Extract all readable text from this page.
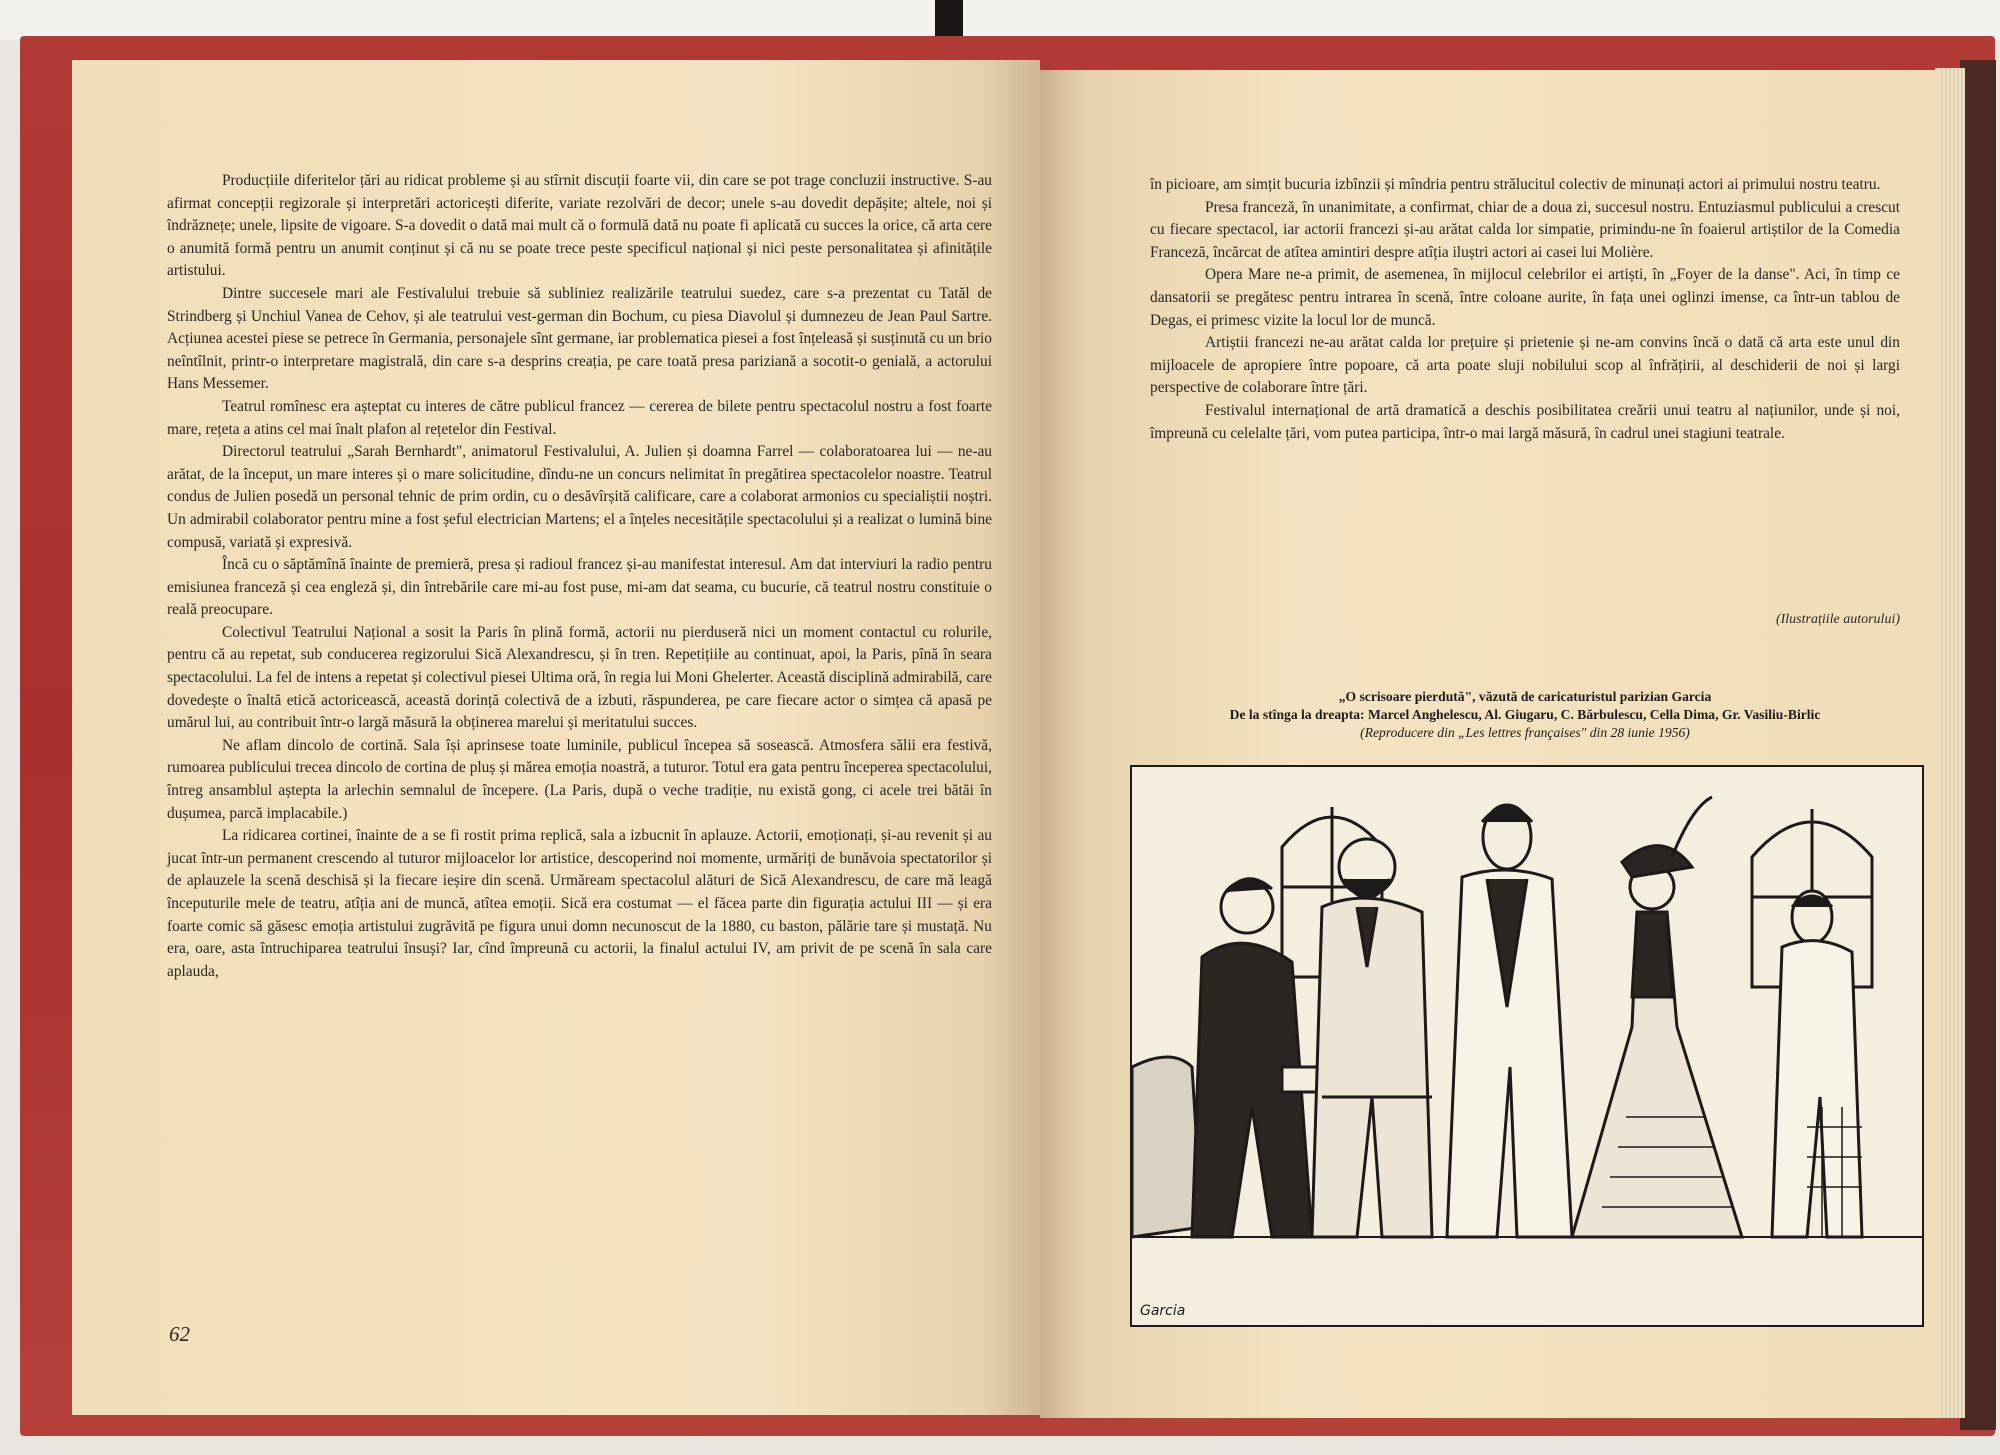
Producțiile diferitelor țări au ridicat probleme și au stîrnit discuții foarte vii, din care se pot trage concluzii instructive. S-au afirmat concepții regizorale și interpretări actoricești diferite, variate rezolvări de decor; unele s-au dovedit depășite; altele, noi și îndrăznețe; unele, lipsite de vigoare. S-a dovedit o dată mai mult că o formulă dată nu poate fi aplicată cu succes la orice, că arta cere o anumită formă pentru un anumit conținut și că nu se poate trece peste specificul național și nici peste personalitatea și afinitățile artistului.

Dintre succesele mari ale Festivalului trebuie să subliniez realizările teatrului suedez, care s-a prezentat cu Tatăl de Strindberg și Unchiul Vanea de Cehov, și ale teatrului vest-german din Bochum, cu piesa Diavolul și dumnezeu de Jean Paul Sartre. Acțiunea acestei piese se petrece în Germania, personajele sînt germane, iar problematica piesei a fost înțeleasă și susținută cu un brio neîntîlnit, printr-o interpretare magistrală, din care s-a desprins creația, pe care toată presa pariziană a socotit-o genială, a actorului Hans Messemer.

Teatrul romînesc era așteptat cu interes de către publicul francez — cererea de bilete pentru spectacolul nostru a fost foarte mare, rețeta a atins cel mai înalt plafon al rețetelor din Festival.

Directorul teatrului „Sarah Bernhardt", animatorul Festivalului, A. Julien și doamna Farrel — colaboratoarea lui — ne-au arătat, de la început, un mare interes și o mare solicitudine, dîndu-ne un concurs nelimitat în pregătirea spectacolelor noastre. Teatrul condus de Julien posedă un personal tehnic de prim ordin, cu o desăvîrșită calificare, care a colaborat armonios cu specialiștii noștri. Un admirabil colaborator pentru mine a fost șeful electrician Martens; el a înțeles necesitățile spectacolului și a realizat o lumină bine compusă, variată și expresivă.

Încă cu o săptămînă înainte de premieră, presa și radioul francez și-au manifestat interesul. Am dat interviuri la radio pentru emisiunea franceză și cea engleză și, din întrebările care mi-au fost puse, mi-am dat seama, cu bucurie, că teatrul nostru constituie o reală preocupare.

Colectivul Teatrului Național a sosit la Paris în plină formă, actorii nu pierduseră nici un moment contactul cu rolurile, pentru că au repetat, sub conducerea regizorului Sică Alexandrescu, și în tren. Repetițiile au continuat, apoi, la Paris, pînă în seara spectacolului. La fel de intens a repetat și colectivul piesei Ultima oră, în regia lui Moni Ghelerter. Această disciplină admirabilă, care dovedește o înaltă etică actoricească, această dorință colectivă de a izbuti, răspunderea, pe care fiecare actor o simțea că apasă pe umărul lui, au contribuit într-o largă măsură la obținerea marelui și meritatului succes.

Ne aflam dincolo de cortină. Sala își aprinsese toate luminile, publicul începea să sosească. Atmosfera sălii era festivă, rumoarea publicului trecea dincolo de cortina de pluș și mărea emoția noastră, a tuturor. Totul era gata pentru începerea spectacolului, întreg ansamblul aștepta la arlechin semnalul de începere. (La Paris, după o veche tradiție, nu există gong, ci acele trei bătăi în dușumea, parcă implacabile.)

La ridicarea cortinei, înainte de a se fi rostit prima replică, sala a izbucnit în aplauze. Actorii, emoționați, și-au revenit și au jucat într-un permanent crescendo al tuturor mijloacelor lor artistice, descoperind noi momente, urmăriți de bunăvoia spectatorilor și de aplauzele la scenă deschisă și la fiecare ieșire din scenă. Urmăream spectacolul alături de Sică Alexandrescu, de care mă leagă începuturile mele de teatru, atîția ani de muncă, atîtea emoții. Sică era costumat — el făcea parte din figurația actului III — și era foarte comic să găsesc emoția artistului zugrăvită pe figura unui domn necunoscut de la 1880, cu baston, pălărie tare și mustață. Nu era, oare, asta întruchiparea teatrului însuși? Iar, cînd împreună cu actorii, la finalul actului IV, am privit de pe scenă în sala care aplauda,

62

în picioare, am simțit bucuria izbînzii și mîndria pentru strălucitul colectiv de minunați actori ai primului nostru teatru.

Presa franceză, în unanimitate, a confirmat, chiar de a doua zi, succesul nostru. Entuziasmul publicului a crescut cu fiecare spectacol, iar actorii francezi și-au arătat calda lor simpatie, primindu-ne în foaierul artiștilor de la Comedia Franceză, încărcat de atîtea amintiri despre atîția iluștri actori ai casei lui Molière.

Opera Mare ne-a primit, de asemenea, în mijlocul celebrilor ei artiști, în „Foyer de la danse". Aci, în timp ce dansatorii se pregătesc pentru intrarea în scenă, între coloane aurite, în fața unei oglinzi imense, ca într-un tablou de Degas, ei primesc vizite la locul lor de muncă.

Artiștii francezi ne-au arătat calda lor prețuire și prietenie și ne-am convins încă o dată că arta este unul din mijloacele de apropiere între popoare, că arta poate sluji nobilului scop al înfrățirii, al deschiderii de noi și largi perspective de colaborare între țări.

Festivalul internațional de artă dramatică a deschis posibilitatea creării unui teatru al națiunilor, unde și noi, împreună cu celelalte țări, vom putea participa, într-o mai largă măsură, în cadrul unei stagiuni teatrale.

(Ilustrațiile autorului)
„O scrisoare pierdută", văzută de caricaturistul parizian Garcia
De la stînga la dreapta: Marcel Anghelescu, Al. Giugaru, C. Bărbulescu, Cella Dima, Gr. Vasiliu-Birlic
(Reproducere din „Les lettres françaises" din 28 iunie 1956)
Garcia
